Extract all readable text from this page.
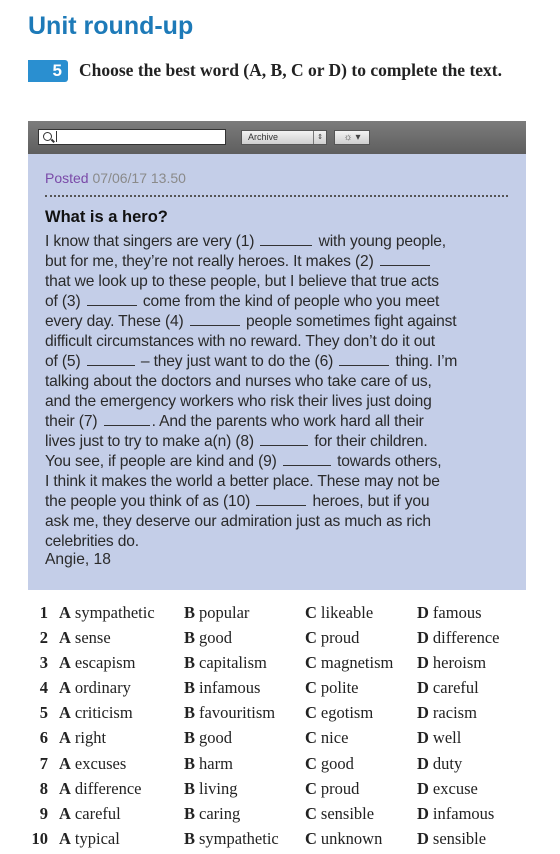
Unit round-up
5 Choose the best word (A, B, C or D) to complete the text.
Archive	⇕	☼ ▾
Posted 07/06/17 13.50
What is a hero?
I know that singers are very (1)	with young people,
but for me, they’re not really heroes. It makes (2)
that we look up to these people, but I believe that true acts
of (3)	come from the kind of people who you meet
every day. These (4)	people sometimes fight against
difficult circumstances with no reward. They don’t do it out
of (5)	– they just want to do the (6)	thing. I’m
talking about the doctors and nurses who take care of us,
and the emergency workers who risk their lives just doing
their (7)	. And the parents who work hard all their
lives just to try to make a(n) (8)	for their children.
You see, if people are kind and (9)	towards others,
I think it makes the world a better place. These may not be
the people you think of as (10)	heroes, but if you
ask me, they deserve our admiration just as much as rich
celebrities do.
Angie, 18
1 A sympathetic B popular	C likeable	D famous
2 A sense	B good	C proud	D difference
3 A escapism	B capitalism C magnetism D heroism
4 A ordinary	B infamous	C polite	D careful
5 A criticism	B favouritism C egotism	D racism
6 A right	B good	C nice	D well
7 A excuses	B harm	C good	D duty
8 A difference	B living	C proud	D excuse
9 A careful	B caring	C sensible	D infamous
10 A typical	B sympathetic C unknown D sensible
